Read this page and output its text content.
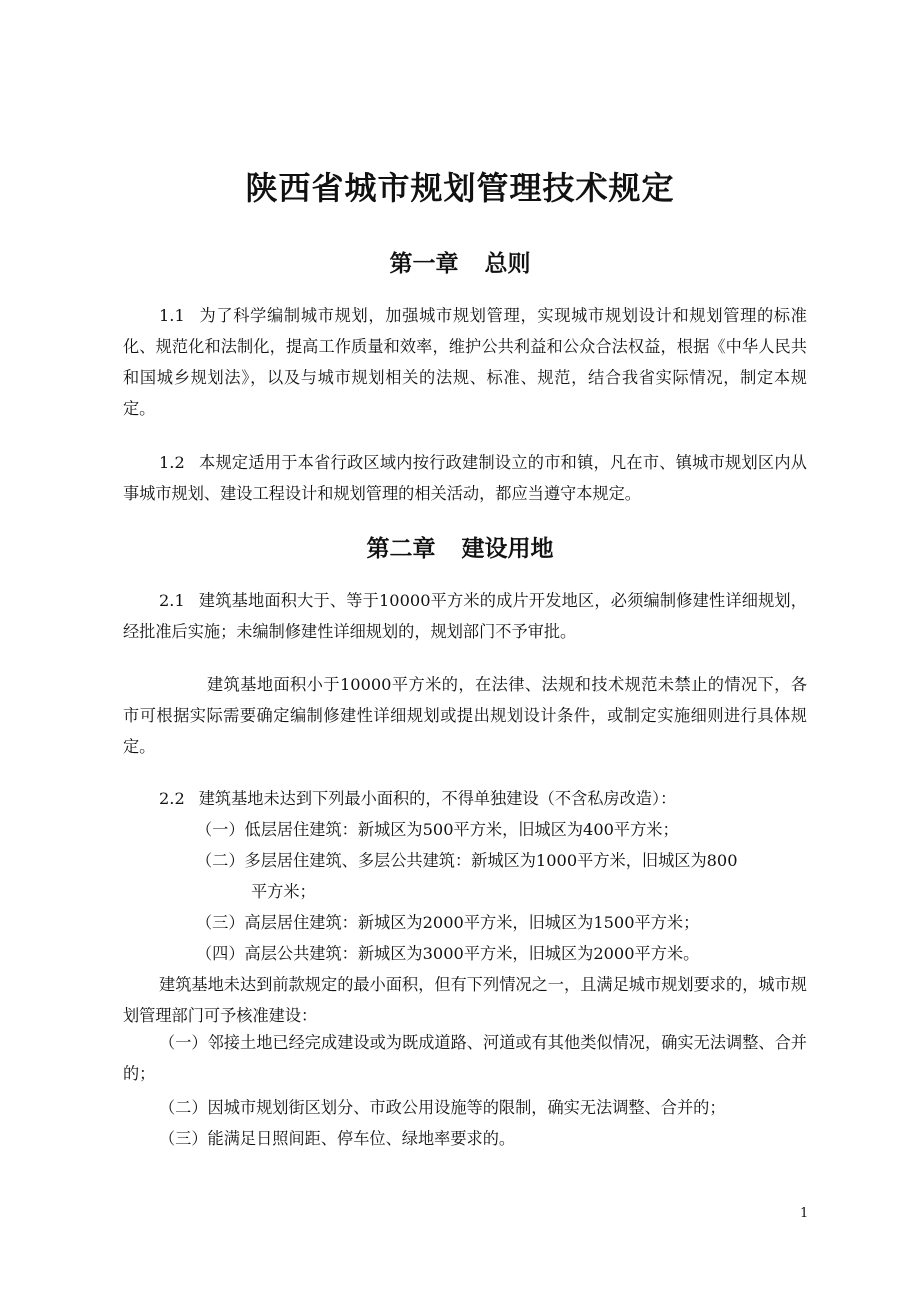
陕西省城市规划管理技术规定
第一章 总则

1.1 为了科学编制城市规划，加强城市规划管理，实现城市规划设计和规划管理的标准化、规范化和法制化，提高工作质量和效率，维护公共利益和公众合法权益，根据《中华人民共和国城乡规划法》，以及与城市规划相关的法规、标准、规范，结合我省实际情况，制定本规定。

1.2 本规定适用于本省行政区域内按行政建制设立的市和镇，凡在市、镇城市规划区内从事城市规划、建设工程设计和规划管理的相关活动，都应当遵守本规定。

第二章 建设用地

2.1 建筑基地面积大于、等于10000平方米的成片开发地区，必须编制修建性详细规划，经批准后实施；未编制修建性详细规划的，规划部门不予审批。

建筑基地面积小于10000平方米的，在法律、法规和技术规范未禁止的情况下，各市可根据实际需要确定编制修建性详细规划或提出规划设计条件，或制定实施细则进行具体规定。

2.2 建筑基地未达到下列最小面积的，不得单独建设（不含私房改造）：

（一）低层居住建筑：新城区为500平方米，旧城区为400平方米；
（二）多层居住建筑、多层公共建筑：新城区为1000平方米，旧城区为800
平方米；
（三）高层居住建筑：新城区为2000平方米，旧城区为1500平方米；
（四）高层公共建筑：新城区为3000平方米，旧城区为2000平方米。

建筑基地未达到前款规定的最小面积，但有下列情况之一，且满足城市规划要求的，城市规划管理部门可予核准建设：

（一）邻接土地已经完成建设或为既成道路、河道或有其他类似情况，确实无法调整、合并的；

（二）因城市规划街区划分、市政公用设施等的限制，确实无法调整、合并的；
（三）能满足日照间距、停车位、绿地率要求的。
1
